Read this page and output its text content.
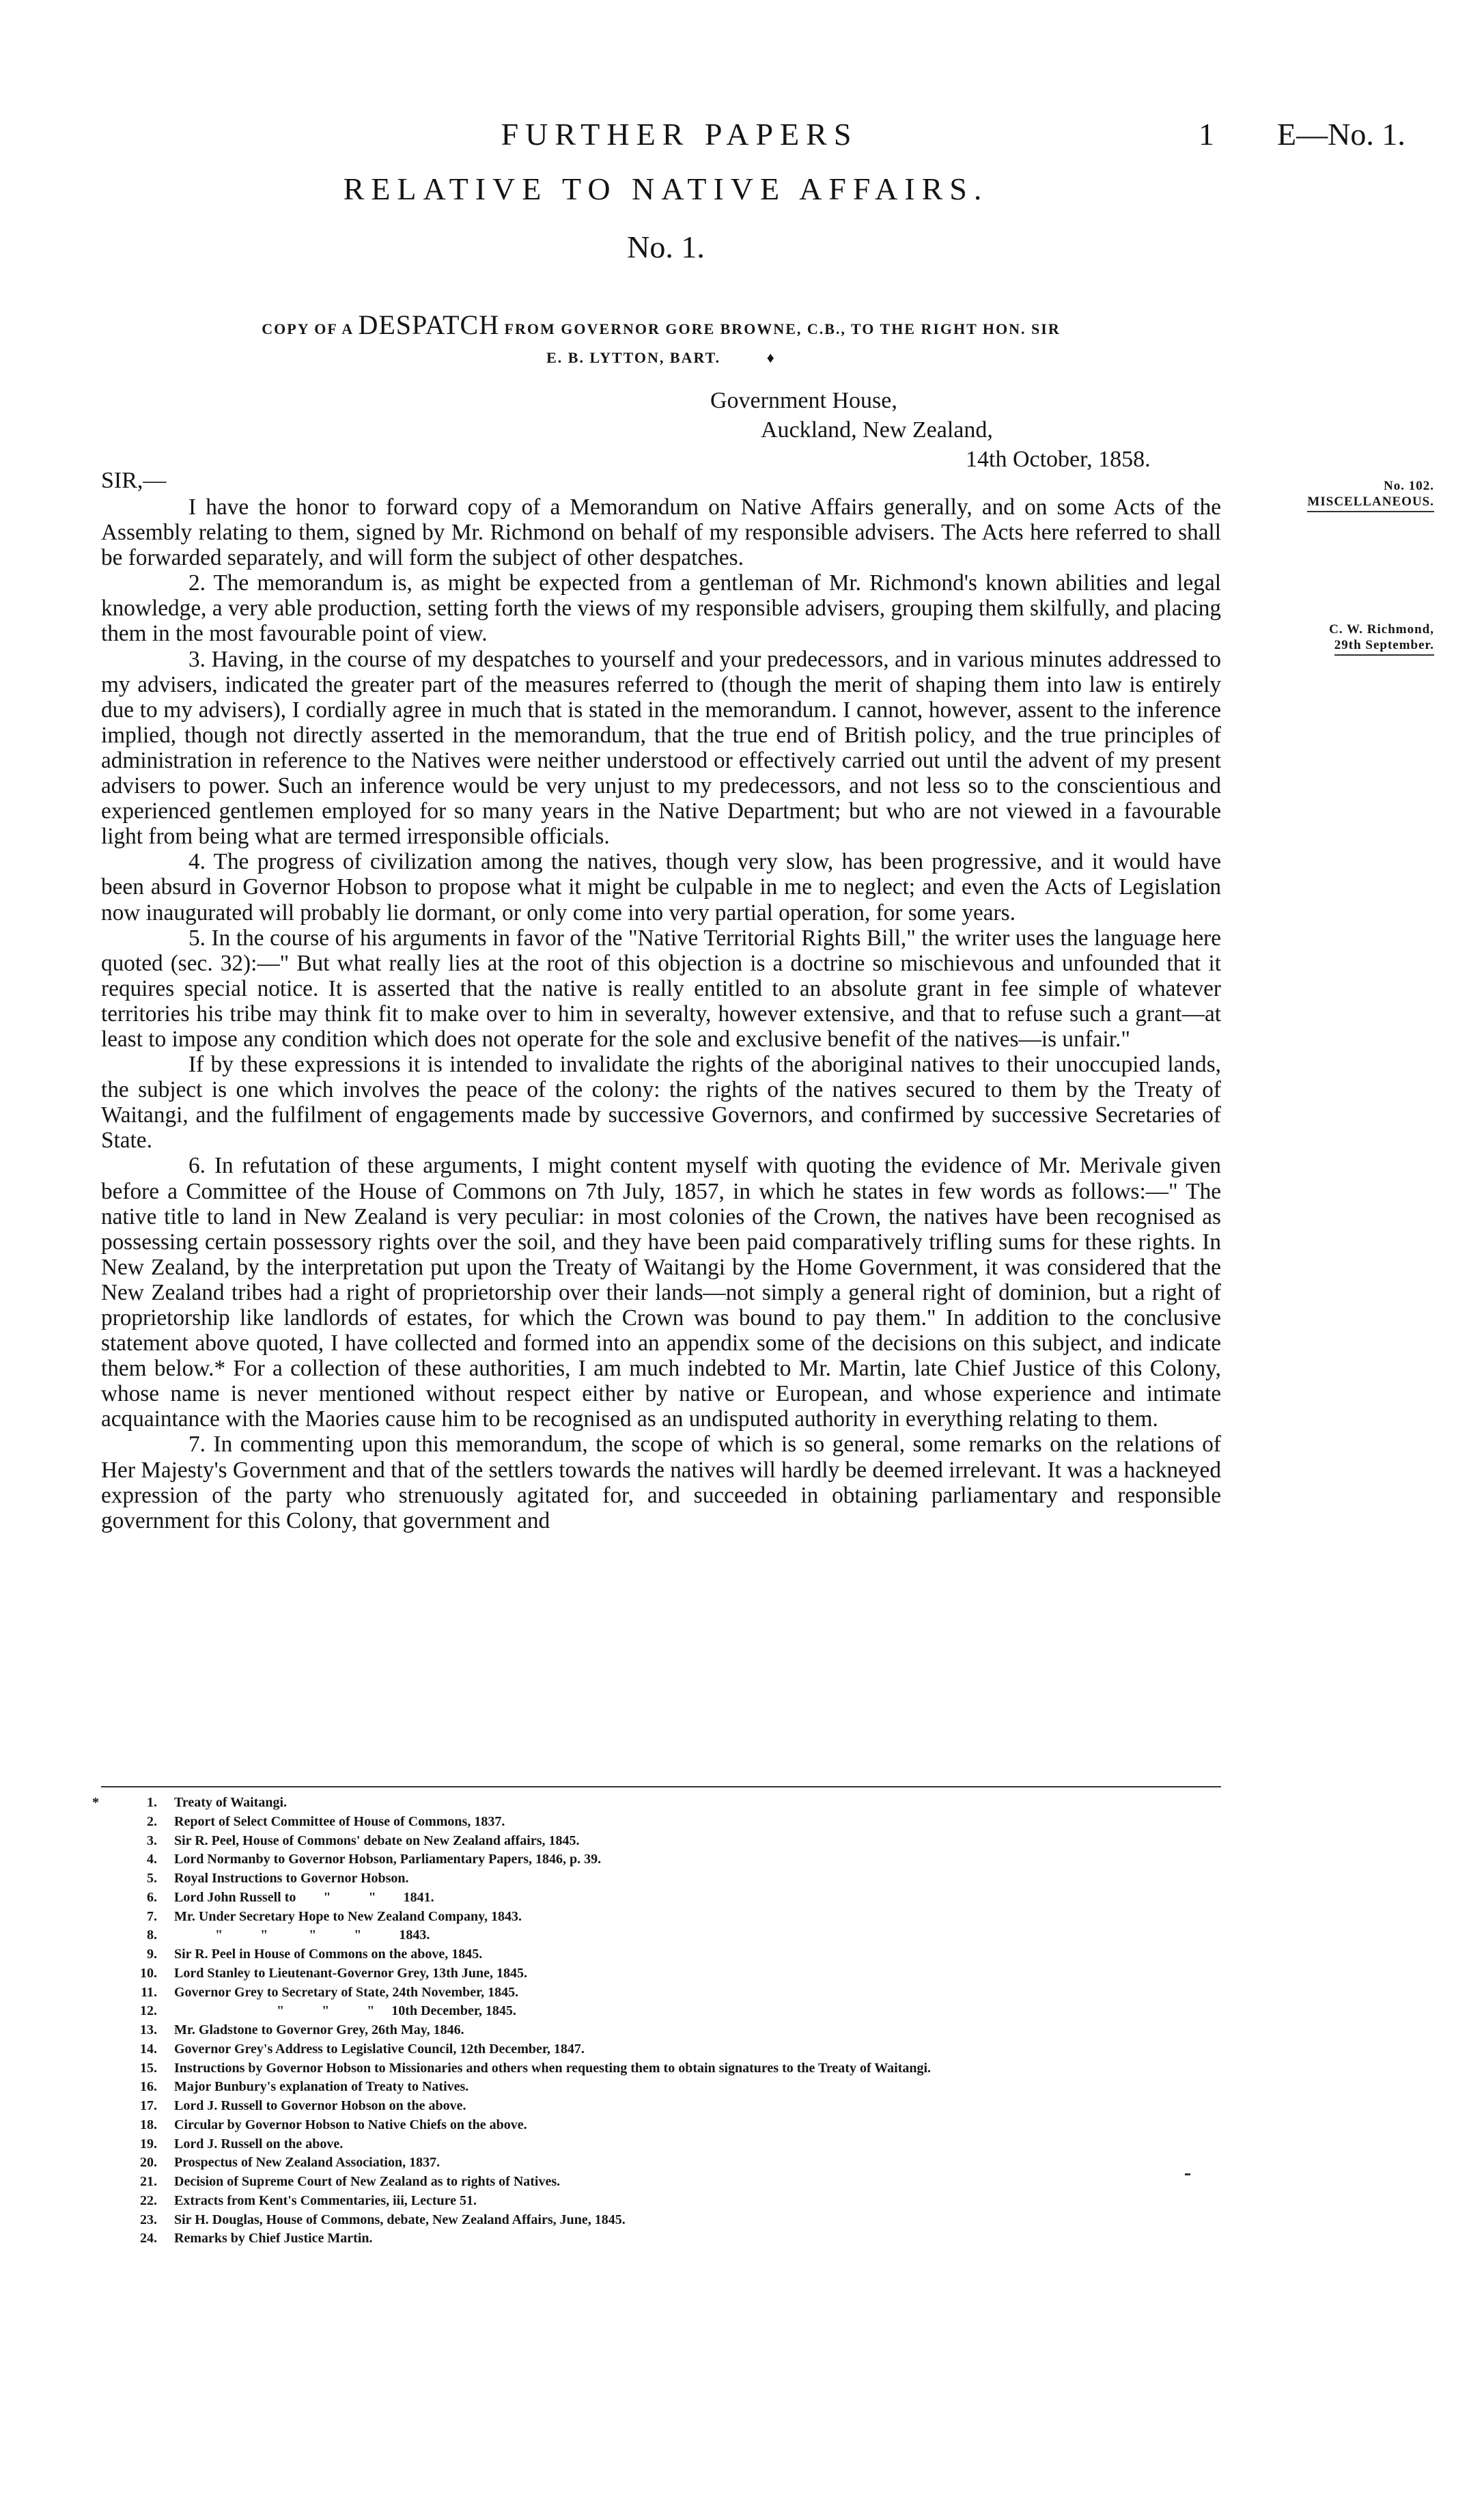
FURTHER PAPERS
RELATIVE TO NATIVE AFFAIRS.
1 E—No. 1.
No. 1.
COPY OF A DESPATCH FROM GOVERNOR GORE BROWNE, C.B., TO THE RIGHT HON. SIR
E. B. LYTTON, BART.	♦
Government House,
Auckland, New Zealand,
14th October, 1858.
SIR,—	No. 102.
MISCELLANEOUS.
C. W. Richmond,
29th September.

I have the honor to forward copy of a Memorandum on Native Affairs generally, and on some Acts of the Assembly relating to them, signed by Mr. Richmond on behalf of my responsible advisers. The Acts here referred to shall be forwarded separately, and will form the subject of other despatches.

2. The memorandum is, as might be expected from a gentleman of Mr. Richmond's known abilities and legal knowledge, a very able production, setting forth the views of my responsible advisers, grouping them skilfully, and placing them in the most favourable point of view.

3. Having, in the course of my despatches to yourself and your predecessors, and in various minutes addressed to my advisers, indicated the greater part of the measures referred to (though the merit of shaping them into law is entirely due to my advisers), I cordially agree in much that is stated in the memorandum. I cannot, however, assent to the inference implied, though not directly asserted in the memorandum, that the true end of British policy, and the true principles of administration in reference to the Natives were neither understood or effectively carried out until the advent of my present advisers to power. Such an inference would be very unjust to my predecessors, and not less so to the conscientious and experienced gentlemen employed for so many years in the Native Department; but who are not viewed in a favourable light from being what are termed irresponsible officials.

4. The progress of civilization among the natives, though very slow, has been progressive, and it would have been absurd in Governor Hobson to propose what it might be culpable in me to neglect; and even the Acts of Legislation now inaugurated will probably lie dormant, or only come into very partial operation, for some years.

5. In the course of his arguments in favor of the "Native Territorial Rights Bill," the writer uses the language here quoted (sec. 32):—" But what really lies at the root of this objection is a doctrine so mischievous and unfounded that it requires special notice. It is asserted that the native is really entitled to an absolute grant in fee simple of whatever territories his tribe may think fit to make over to him in severalty, however extensive, and that to refuse such a grant—at least to impose any condition which does not operate for the sole and exclusive benefit of the natives—is unfair."

If by these expressions it is intended to invalidate the rights of the aboriginal natives to their unoccupied lands, the subject is one which involves the peace of the colony: the rights of the natives secured to them by the Treaty of Waitangi, and the fulfilment of engagements made by successive Governors, and confirmed by successive Secretaries of State.

6. In refutation of these arguments, I might content myself with quoting the evidence of Mr. Merivale given before a Committee of the House of Commons on 7th July, 1857, in which he states in few words as follows:—" The native title to land in New Zealand is very peculiar: in most colonies of the Crown, the natives have been recognised as possessing certain possessory rights over the soil, and they have been paid comparatively trifling sums for these rights. In New Zealand, by the interpretation put upon the Treaty of Waitangi by the Home Government, it was considered that the New Zealand tribes had a right of proprietorship over their lands—not simply a general right of dominion, but a right of proprietorship like landlords of estates, for which the Crown was bound to pay them." In addition to the conclusive statement above quoted, I have collected and formed into an appendix some of the decisions on this subject, and indicate them below.* For a collection of these authorities, I am much indebted to Mr. Martin, late Chief Justice of this Colony, whose name is never mentioned without respect either by native or European, and whose experience and intimate acquaintance with the Maories cause him to be recognised as an undisputed authority in everything relating to them.

7. In commenting upon this memorandum, the scope of which is so general, some remarks on the relations of Her Majesty's Government and that of the settlers towards the natives will hardly be deemed irrelevant. It was a hackneyed expression of the party who strenuously agitated for, and succeeded in obtaining parliamentary and responsible government for this Colony, that government and

*	1. Treaty of Waitangi.
2. Report of Select Committee of House of Commons, 1837.
3. Sir R. Peel, House of Commons' debate on New Zealand affairs, 1845.
4. Lord Normanby to Governor Hobson, Parliamentary Papers, 1846, p. 39.
5. Royal Instructions to Governor Hobson.
6. Lord John Russell to        "           "        1841.
7. Mr. Under Secretary Hope to New Zealand Company, 1843.
8.	"           "            "           "           1843.
9. Sir R. Peel in House of Commons on the above, 1845.
10. Lord Stanley to Lieutenant-Governor Grey, 13th June, 1845.
11. Governor Grey to Secretary of State, 24th November, 1845.
12.	"           "           "     10th December, 1845.
13. Mr. Gladstone to Governor Grey, 26th May, 1846.
14. Governor Grey's Address to Legislative Council, 12th December, 1847.
15. Instructions by Governor Hobson to Missionaries and others when requesting them to obtain signatures to the Treaty of Waitangi.
16. Major Bunbury's explanation of Treaty to Natives.
17. Lord J. Russell to Governor Hobson on the above.
18. Circular by Governor Hobson to Native Chiefs on the above.
19. Lord J. Russell on the above.
20. Prospectus of New Zealand Association, 1837.
21. Decision of Supreme Court of New Zealand as to rights of Natives.
22. Extracts from Kent's Commentaries, iii, Lecture 51.
23. Sir H. Douglas, House of Commons, debate, New Zealand Affairs, June, 1845.
24. Remarks by Chief Justice Martin.
